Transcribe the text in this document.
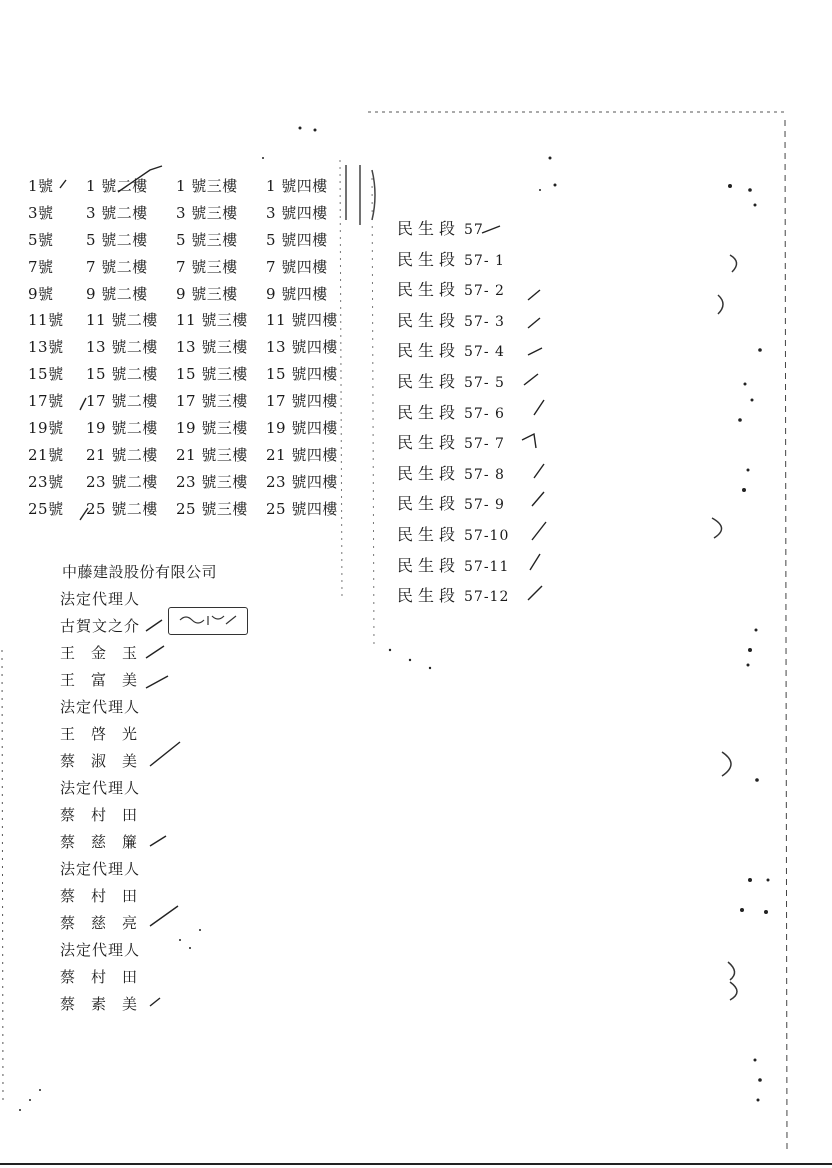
1號	1 號二樓	1 號三樓	1 號四樓
3號	3 號二樓	3 號三樓	3 號四樓
5號	5 號二樓	5 號三樓	5 號四樓
7號	7 號二樓	7 號三樓	7 號四樓
9號	9 號二樓	9 號三樓	9 號四樓
11號	11 號二樓	11 號三樓	11 號四樓
13號	13 號二樓	13 號三樓	13 號四樓
15號	15 號二樓	15 號三樓	15 號四樓
17號	17 號二樓	17 號三樓	17 號四樓
19號	19 號二樓	19 號三樓	19 號四樓
21號	21 號二樓	21 號三樓	21 號四樓
23號	23 號二樓	23 號三樓	23 號四樓
25號	25 號二樓	25 號三樓	25 號四樓
民生段 57
民生段 57- 1
民生段 57- 2
民生段 57- 3
民生段 57- 4
民生段 57- 5
民生段 57- 6
民生段 57- 7
民生段 57- 8
民生段 57- 9
民生段 57-10
民生段 57-11
民生段 57-12
中藤建設股份有限公司
法定代理人
古賀文之介
王金玉
王富美
法定代理人
王啓光
蔡淑美
法定代理人
蔡村田
蔡慈簾
法定代理人
蔡村田
蔡慈亮
法定代理人
蔡村田
蔡素美
